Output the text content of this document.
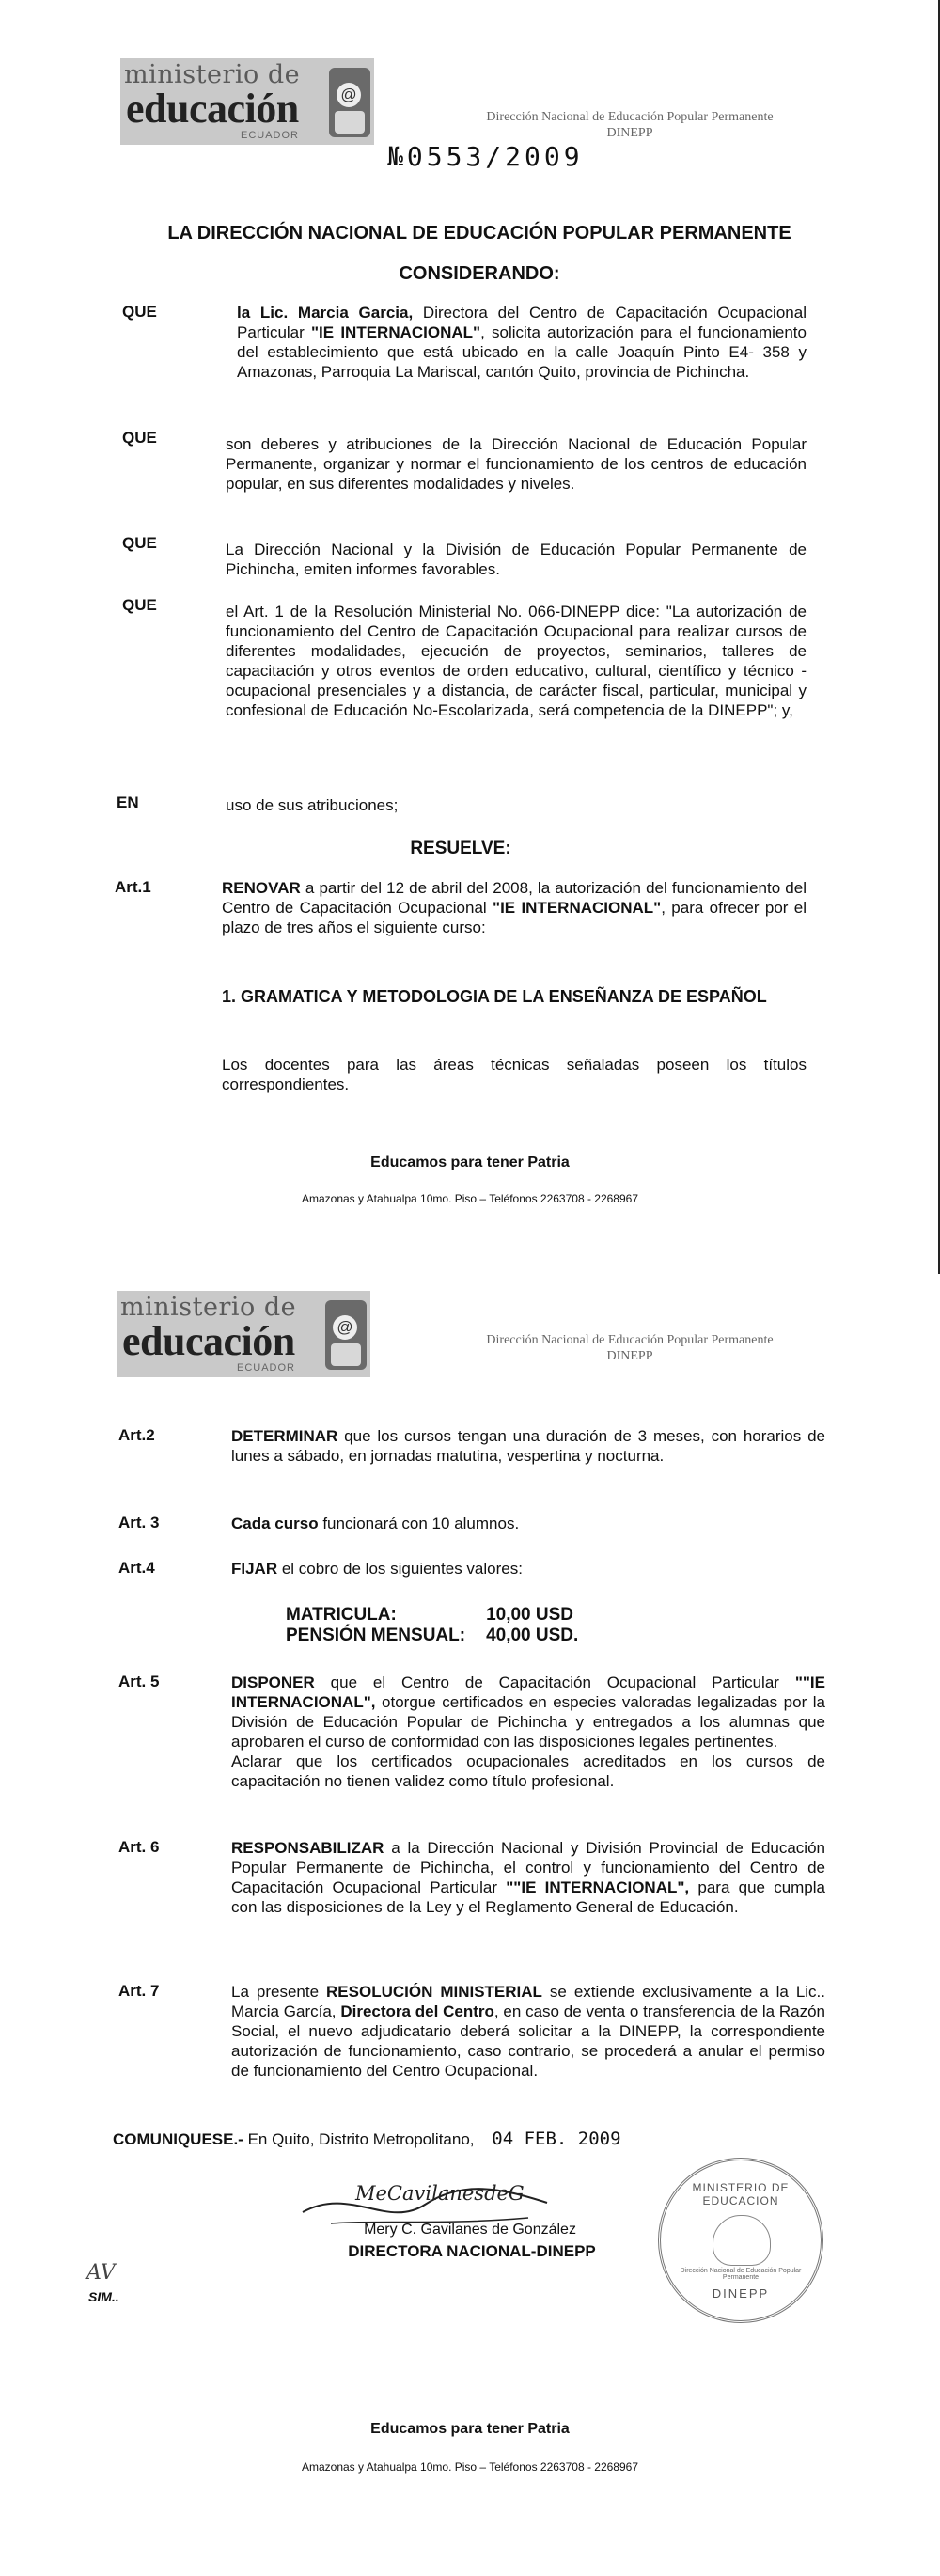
ministerio de
educación
ECUADOR
@
Dirección Nacional de Educación Popular Permanente
DINEPP
№0553/2009
LA DIRECCIÓN NACIONAL DE EDUCACIÓN POPULAR PERMANENTE
CONSIDERANDO:
QUE	la Lic. Marcia Garcia, Directora del Centro de Capacitación Ocupacional Particular "IE INTERNACIONAL", solicita autorización para el funcionamiento del establecimiento que está ubicado en la calle Joaquín Pinto E4- 358 y Amazonas, Parroquia La Mariscal, cantón Quito, provincia de Pichincha.
QUE	son deberes y atribuciones de la Dirección Nacional de Educación Popular Permanente, organizar y normar el funcionamiento de los centros de educación popular, en sus diferentes modalidades y niveles.
QUE	La Dirección Nacional y la División de Educación Popular Permanente de Pichincha, emiten informes favorables.
QUE	el Art. 1 de la Resolución Ministerial No. 066-DINEPP dice: "La autorización de funcionamiento del Centro de Capacitación Ocupacional para realizar cursos de diferentes modalidades, ejecución de proyectos, seminarios, talleres de capacitación y otros eventos de orden educativo, cultural, científico y técnico - ocupacional presenciales y a distancia, de carácter fiscal, particular, municipal y confesional de Educación No-Escolarizada, será competencia de la DINEPP"; y,
EN	uso de sus atribuciones;
RESUELVE:
Art.1	RENOVAR a partir del 12 de abril del 2008, la autorización del funcionamiento del Centro de Capacitación Ocupacional "IE INTERNACIONAL", para ofrecer por el plazo de tres años el siguiente curso:
1. GRAMATICA Y METODOLOGIA DE LA ENSEÑANZA DE ESPAÑOL
Los docentes para las áreas técnicas señaladas poseen los títulos correspondientes.
Educamos para tener Patria
Amazonas y Atahualpa 10mo. Piso – Teléfonos 2263708 - 2268967
ministerio de
educación
ECUADOR
@
Dirección Nacional de Educación Popular Permanente
DINEPP
Art.2	DETERMINAR que los cursos tengan una duración de 3 meses, con horarios de lunes a sábado, en jornadas matutina, vespertina y nocturna.
Art. 3	Cada curso funcionará con 10 alumnos.
Art.4	FIJAR el cobro de los siguientes valores:
MATRICULA:	10,00 USD
PENSIÓN MENSUAL:	40,00 USD.
Art. 5	DISPONER que el Centro de Capacitación Ocupacional Particular ""IE INTERNACIONAL", otorgue certificados en especies valoradas legalizadas por la División de Educación Popular de Pichincha y entregados a los alumnas que aprobaren el curso de conformidad con las disposiciones legales pertinentes.
Aclarar que los certificados ocupacionales acreditados en los cursos de capacitación no tienen validez como título profesional.
Art. 6	RESPONSABILIZAR a la Dirección Nacional y División Provincial de Educación Popular Permanente de Pichincha, el control y funcionamiento del Centro de Capacitación Ocupacional Particular ""IE INTERNACIONAL", para que cumpla con las disposiciones de la Ley y el Reglamento General de Educación.
Art. 7	La presente RESOLUCIÓN MINISTERIAL se extiende exclusivamente a la Lic.. Marcia García, Directora del Centro, en caso de venta o transferencia de la Razón Social, el nuevo adjudicatario deberá solicitar a la DINEPP, la correspondiente autorización de funcionamiento, caso contrario, se procederá a anular el permiso de funcionamiento del Centro Ocupacional.
COMUNIQUESE.- En Quito, Distrito Metropolitano, 04 FEB. 2009
MeCavilanesdeG
Mery C. Gavilanes de González
DIRECTORA NACIONAL-DINEPP
AV
SIM..
MINISTERIO DE EDUCACION
Dirección Nacional de Educación Popular Permanente
DINEPP
Educamos para tener Patria
Amazonas y Atahualpa 10mo. Piso – Teléfonos 2263708 - 2268967
